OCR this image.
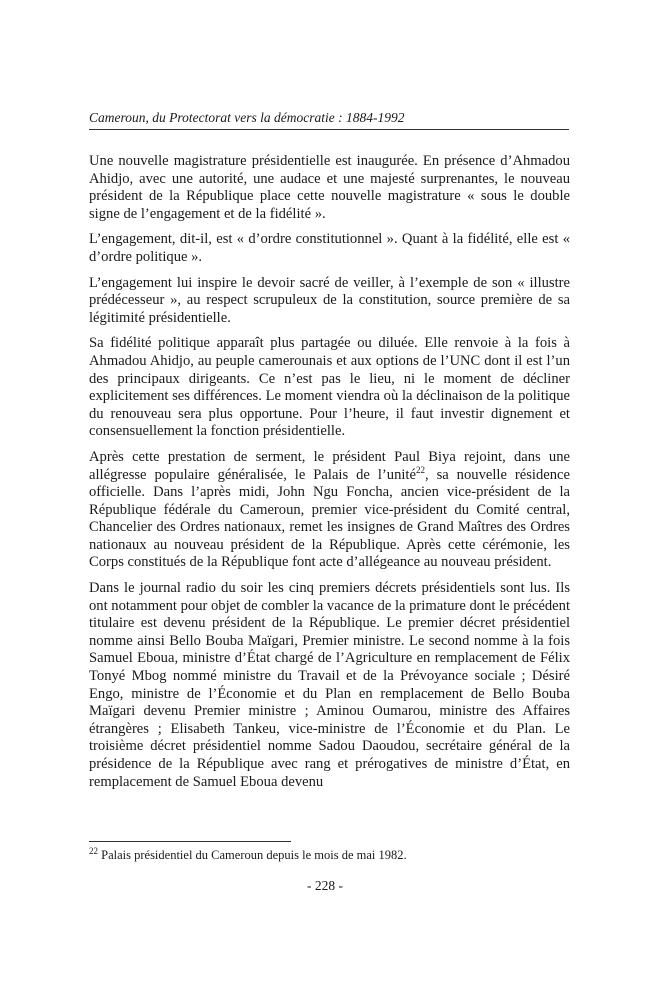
Cameroun, du Protectorat vers la démocratie : 1884-1992

Une nouvelle magistrature présidentielle est inaugurée. En présence d’Ahmadou Ahidjo, avec une autorité, une audace et une majesté surprenantes, le nouveau président de la République place cette nouvelle magistrature « sous le double signe de l’engagement et de la fidélité ».

L’engagement, dit-il, est « d’ordre constitutionnel ». Quant à la fidélité, elle est « d’ordre politique ».

L’engagement lui inspire le devoir sacré de veiller, à l’exemple de son « illustre prédécesseur », au respect scrupuleux de la constitution, source première de sa légitimité présidentielle.

Sa fidélité politique apparaît plus partagée ou diluée. Elle renvoie à la fois à Ahmadou Ahidjo, au peuple camerounais et aux options de l’UNC dont il est l’un des principaux dirigeants. Ce n’est pas le lieu, ni le moment de décliner explicitement ses différences. Le moment viendra où la déclinaison de la politique du renouveau sera plus opportune. Pour l’heure, il faut investir dignement et consensuellement la fonction présidentielle.

Après cette prestation de serment, le président Paul Biya rejoint, dans une allégresse populaire généralisée, le Palais de l’unité$^{22}$, sa nouvelle résidence officielle. Dans l’après midi, John Ngu Foncha, ancien vice-président de la République fédérale du Cameroun, premier vice-président du Comité central, Chancelier des Ordres nationaux, remet les insignes de Grand Maîtres des Ordres nationaux au nouveau président de la République. Après cette cérémonie, les Corps constitués de la République font acte d’allégeance au nouveau président.

Dans le journal radio du soir les cinq premiers décrets présidentiels sont lus. Ils ont notamment pour objet de combler la vacance de la primature dont le précédent titulaire est devenu président de la République. Le premier décret présidentiel nomme ainsi Bello Bouba Maïgari, Premier ministre. Le second nomme à la fois Samuel Eboua, ministre d’État chargé de l’Agriculture en remplacement de Félix Tonyé Mbog nommé ministre du Travail et de la Prévoyance sociale ; Désiré Engo, ministre de l’Économie et du Plan en remplacement de Bello Bouba Maïgari devenu Premier ministre ; Aminou Oumarou, ministre des Affaires étrangères ; Elisabeth Tankeu, vice-ministre de l’Économie et du Plan. Le troisième décret présidentiel nomme Sadou Daoudou, secrétaire général de la présidence de la République avec rang et prérogatives de ministre d’État, en remplacement de Samuel Eboua devenu

$^{22}$ Palais présidentiel du Cameroun depuis le mois de mai 1982.
- 228 -
